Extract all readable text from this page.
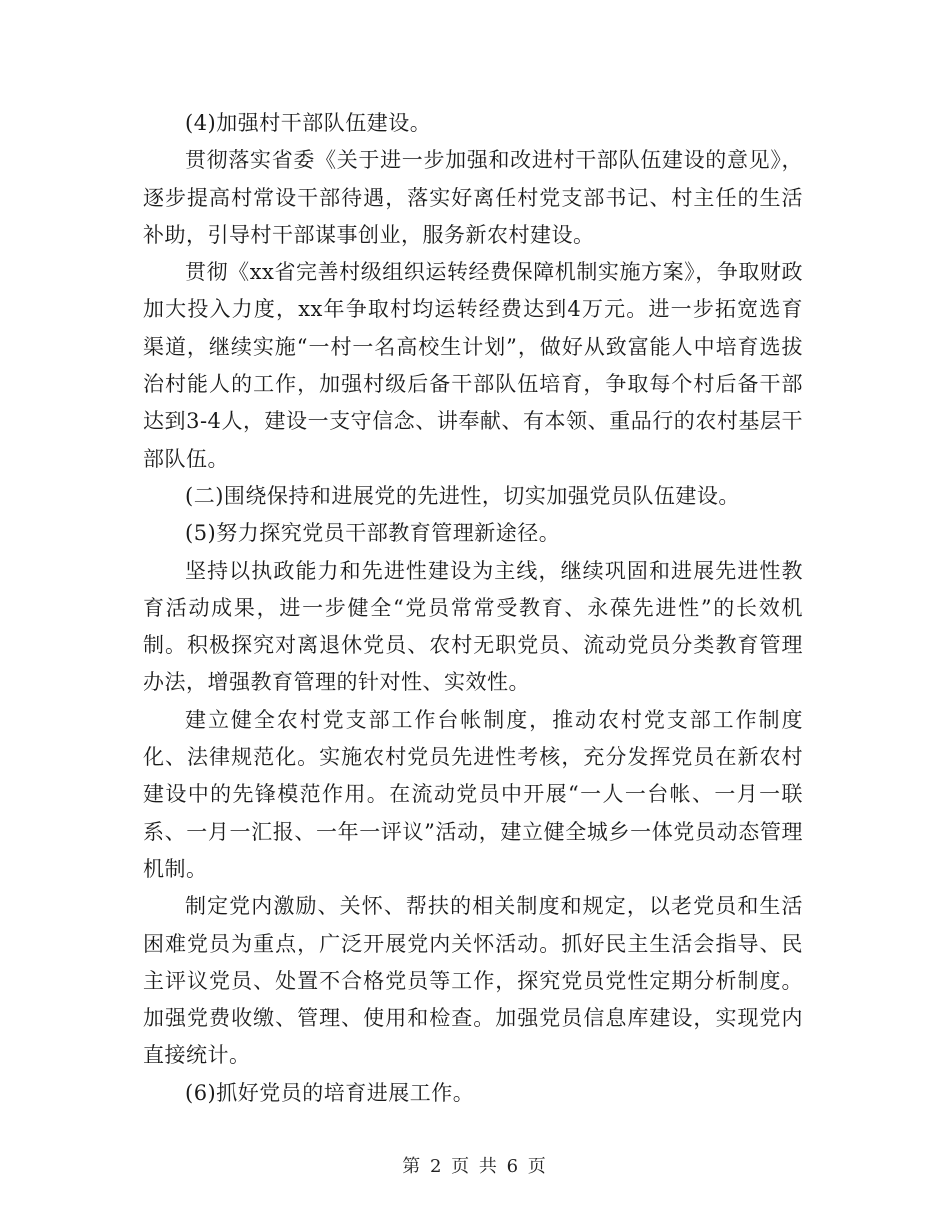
(4)加强村干部队伍建设。

贯彻落实省委《关于进一步加强和改进村干部队伍建设的意见》，逐步提高村常设干部待遇，落实好离任村党支部书记、村主任的生活补助，引导村干部谋事创业，服务新农村建设。

贯彻《xx省完善村级组织运转经费保障机制实施方案》，争取财政加大投入力度，xx年争取村均运转经费达到4万元。进一步拓宽选育渠道，继续实施“一村一名高校生计划”，做好从致富能人中培育选拔治村能人的工作，加强村级后备干部队伍培育，争取每个村后备干部达到3-4人，建设一支守信念、讲奉献、有本领、重品行的农村基层干部队伍。

(二)围绕保持和进展党的先进性，切实加强党员队伍建设。

(5)努力探究党员干部教育管理新途径。

坚持以执政能力和先进性建设为主线，继续巩固和进展先进性教育活动成果，进一步健全“党员常常受教育、永葆先进性”的长效机制。积极探究对离退休党员、农村无职党员、流动党员分类教育管理办法，增强教育管理的针对性、实效性。

建立健全农村党支部工作台帐制度，推动农村党支部工作制度化、法律规范化。实施农村党员先进性考核，充分发挥党员在新农村建设中的先锋模范作用。在流动党员中开展“一人一台帐、一月一联系、一月一汇报、一年一评议”活动，建立健全城乡一体党员动态管理机制。

制定党内激励、关怀、帮扶的相关制度和规定，以老党员和生活困难党员为重点，广泛开展党内关怀活动。抓好民主生活会指导、民主评议党员、处置不合格党员等工作，探究党员党性定期分析制度。加强党费收缴、管理、使用和检查。加强党员信息库建设，实现党内直接统计。

(6)抓好党员的培育进展工作。

第 2 页 共 6 页
